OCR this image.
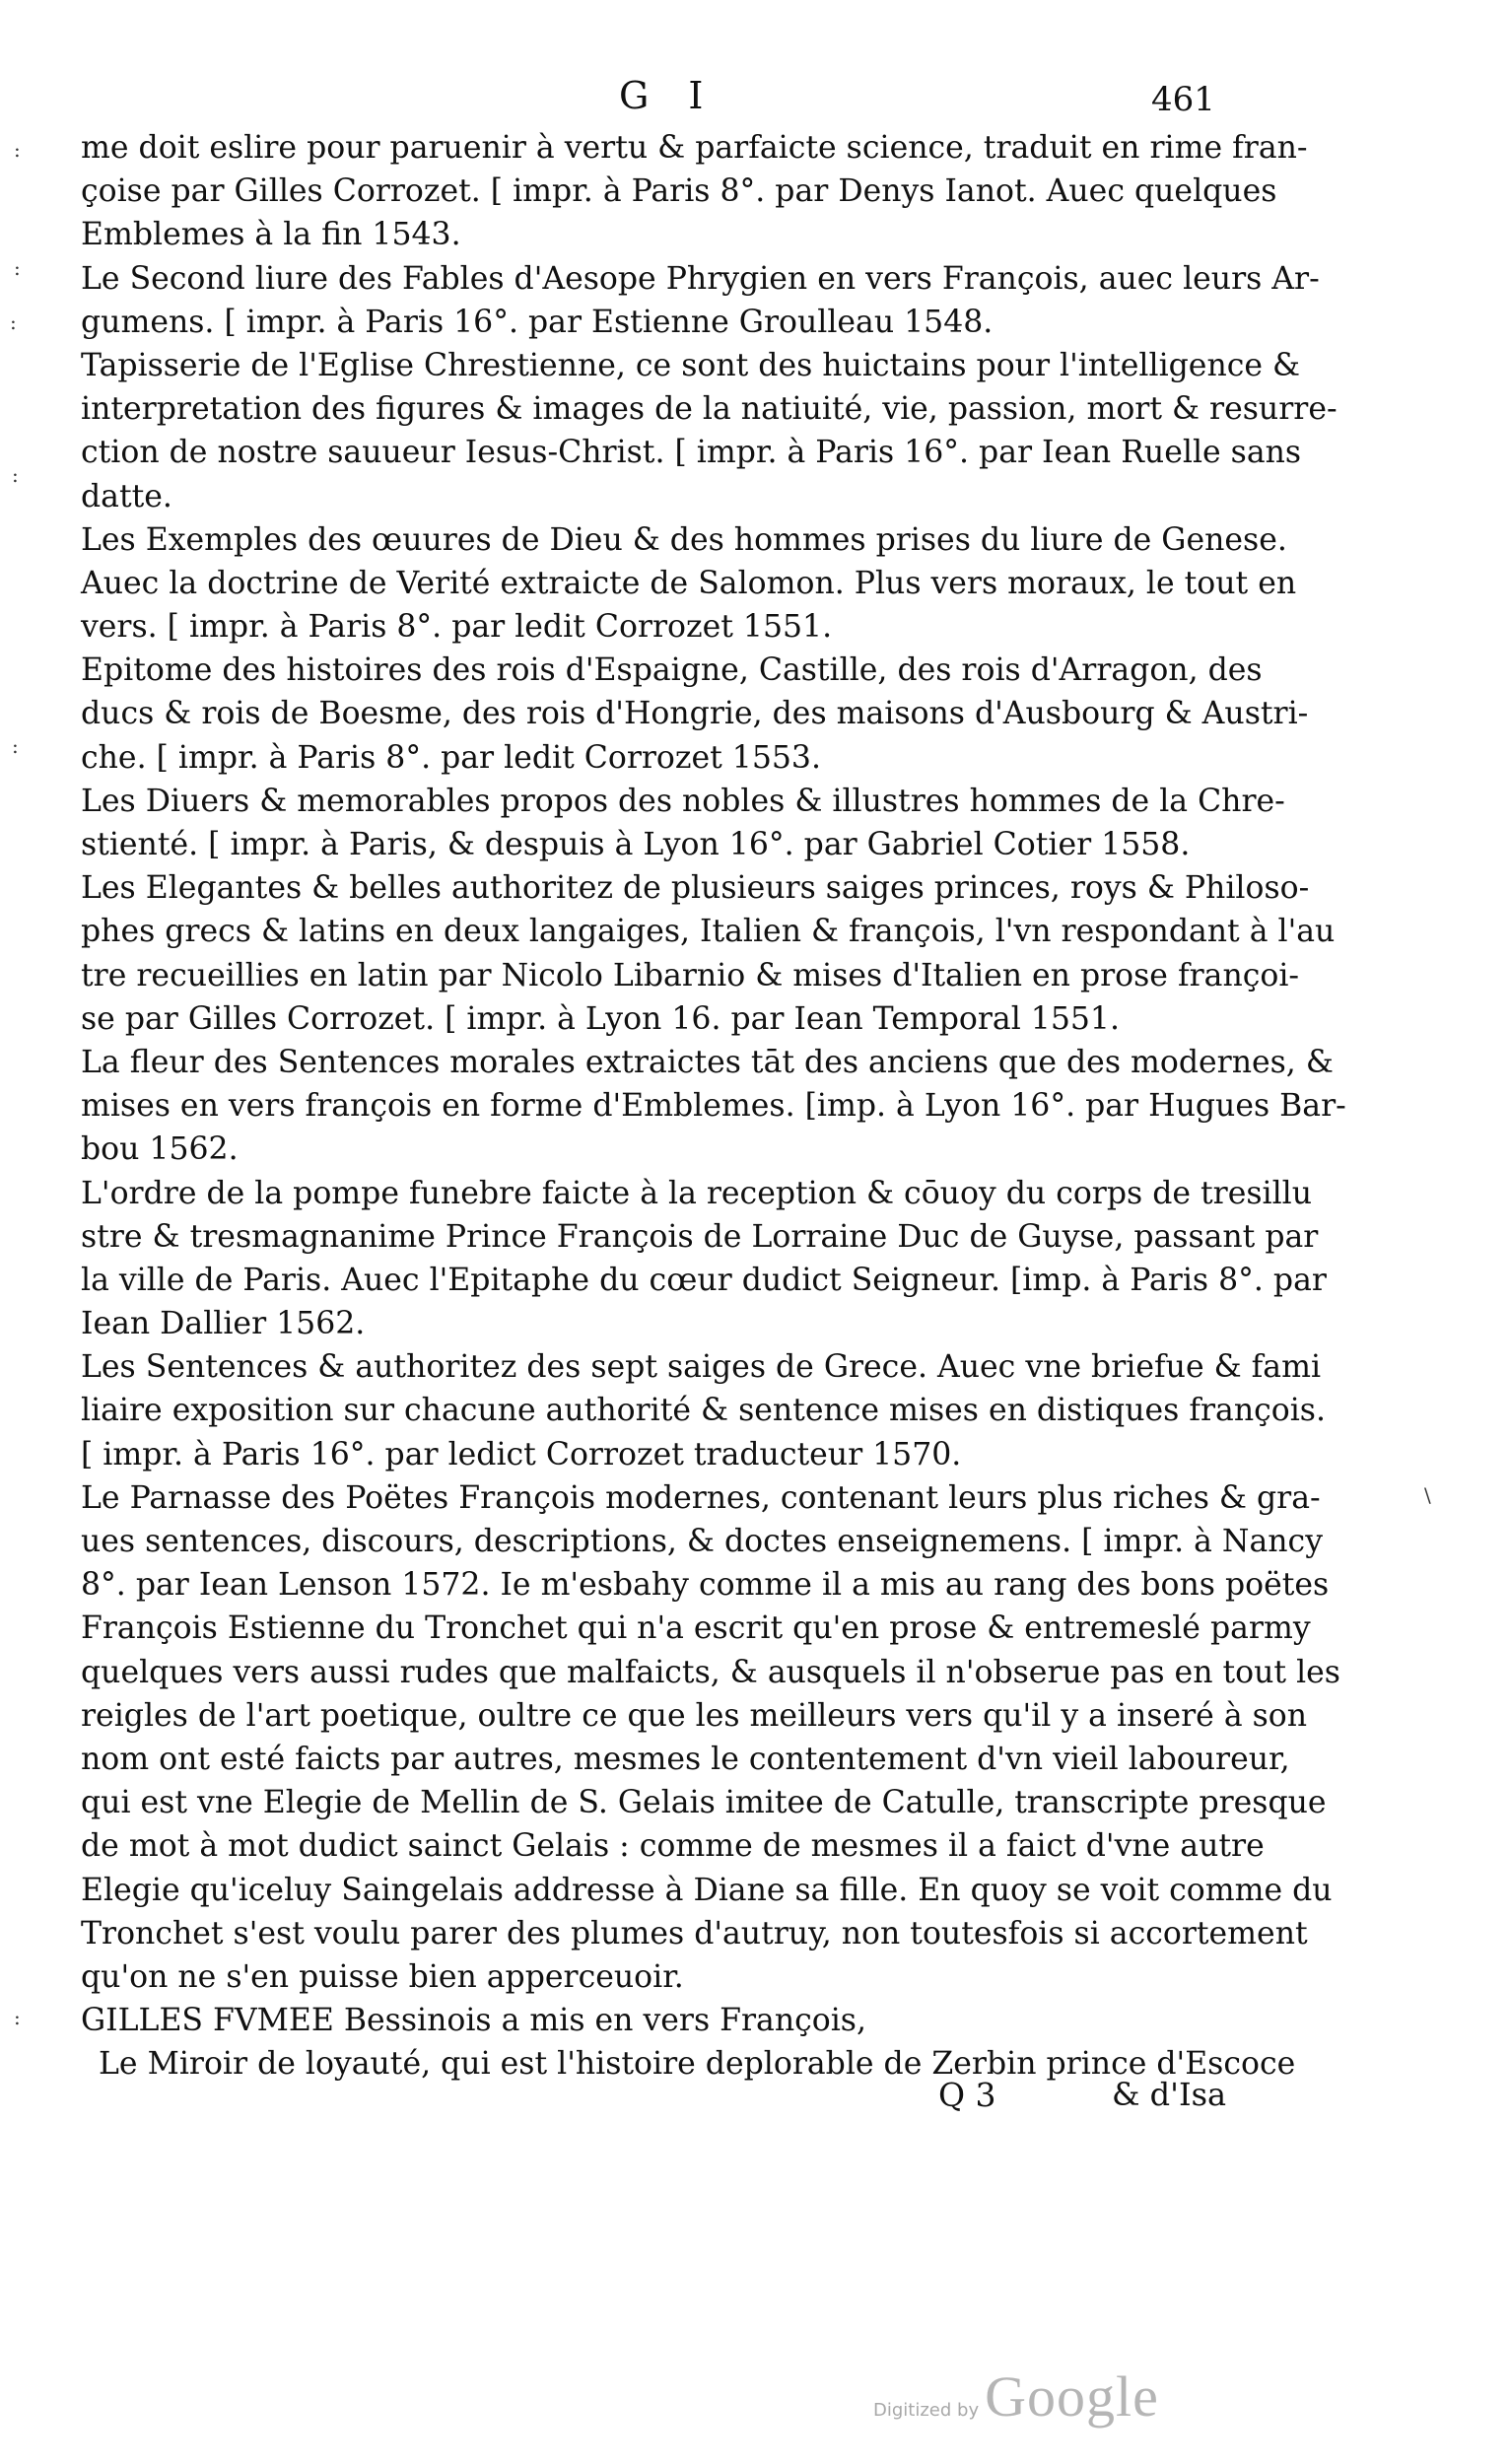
G I	461
me doit eslire pour paruenir à vertu & parfaicte science, traduit en rime fran-
çoise par Gilles Corrozet. [ impr. à Paris 8°. par Denys Ianot. Auec quelques
Emblemes à la fin 1543.
Le Second liure des Fables d'Aesope Phrygien en vers François, auec leurs Ar-
gumens. [ impr. à Paris 16°. par Estienne Groulleau 1548.
Tapisserie de l'Eglise Chrestienne, ce sont des huictains pour l'intelligence &
interpretation des figures & images de la natiuité, vie, passion, mort & resurre-
ction de nostre sauueur Iesus-Christ. [ impr. à Paris 16°. par Iean Ruelle sans
datte.
Les Exemples des œuures de Dieu & des hommes prises du liure de Genese.
Auec la doctrine de Verité extraicte de Salomon. Plus vers moraux, le tout en
vers. [ impr. à Paris 8°. par ledit Corrozet 1551.
Epitome des histoires des rois d'Espaigne, Castille, des rois d'Arragon, des
ducs & rois de Boesme, des rois d'Hongrie, des maisons d'Ausbourg & Austri-
che. [ impr. à Paris 8°. par ledit Corrozet 1553.
Les Diuers & memorables propos des nobles & illustres hommes de la Chre-
stienté. [ impr. à Paris, & despuis à Lyon 16°. par Gabriel Cotier 1558.
Les Elegantes & belles authoritez de plusieurs saiges princes, roys & Philoso-
phes grecs & latins en deux langaiges, Italien & françois, l'vn respondant à l'au
tre recueillies en latin par Nicolo Libarnio & mises d'Italien en prose françoi-
se par Gilles Corrozet. [ impr. à Lyon 16. par Iean Temporal 1551.
La fleur des Sentences morales extraictes tāt des anciens que des modernes, &
mises en vers françois en forme d'Emblemes. [imp. à Lyon 16°. par Hugues Bar-
bou 1562.
L'ordre de la pompe funebre faicte à la reception & cōuoy du corps de tresillu
stre & tresmagnanime Prince François de Lorraine Duc de Guyse, passant par
la ville de Paris. Auec l'Epitaphe du cœur dudict Seigneur. [imp. à Paris 8°. par
Iean Dallier 1562.
Les Sentences & authoritez des sept saiges de Grece. Auec vne briefue & fami
liaire exposition sur chacune authorité & sentence mises en distiques françois.
[ impr. à Paris 16°. par ledict Corrozet traducteur 1570.
Le Parnasse des Poëtes François modernes, contenant leurs plus riches & gra-
ues sentences, discours, descriptions, & doctes enseignemens. [ impr. à Nancy
8°. par Iean Lenson 1572. Ie m'esbahy comme il a mis au rang des bons poëtes
François Estienne du Tronchet qui n'a escrit qu'en prose & entremeslé parmy
quelques vers aussi rudes que malfaicts, & ausquels il n'obserue pas en tout les
reigles de l'art poetique, oultre ce que les meilleurs vers qu'il y a inseré à son
nom ont esté faicts par autres, mesmes le contentement d'vn vieil laboureur,
qui est vne Elegie de Mellin de S. Gelais imitee de Catulle, transcripte presque
de mot à mot dudict sainct Gelais : comme de mesmes il a faict d'vne autre
Elegie qu'iceluy Saingelais addresse à Diane sa fille. En quoy se voit comme du
Tronchet s'est voulu parer des plumes d'autruy, non toutesfois si accortement
qu'on ne s'en puisse bien apperceuoir.
GILLES FVMEE Bessinois a mis en vers François,
Le Miroir de loyauté, qui est l'histoire deplorable de Zerbin prince d'Escoce
Q 3	& d'Isa
Digitized by Google
:
:
:
:
:
:
\
